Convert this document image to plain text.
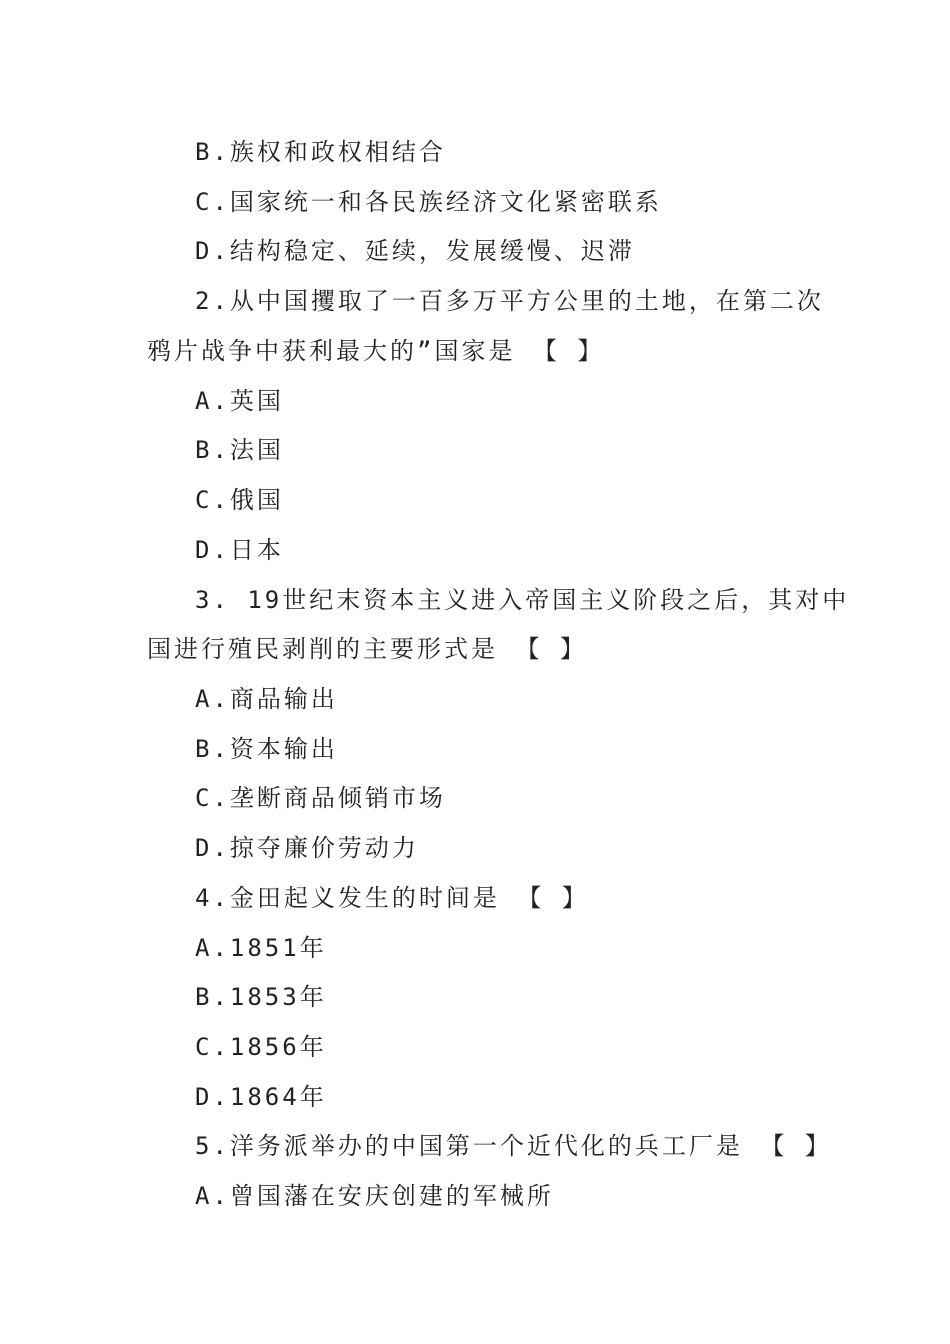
B.族权和政权相结合
C.国家统一和各民族经济文化紧密联系
D.结构稳定、延续，发展缓慢、迟滞
2.从中国攫取了一百多万平方公里的土地，在第二次
鸦片战争中获利最大的”国家是 【 】
A.英国
B.法国
C.俄国
D.日本
3. 19世纪末资本主义进入帝国主义阶段之后，其对中
国进行殖民剥削的主要形式是 【 】
A.商品输出
B.资本输出
C.垄断商品倾销市场
D.掠夺廉价劳动力
4.金田起义发生的时间是 【 】
A.1851年
B.1853年
C.1856年
D.1864年
5.洋务派举办的中国第一个近代化的兵工厂是 【 】
A.曾国藩在安庆创建的军械所
